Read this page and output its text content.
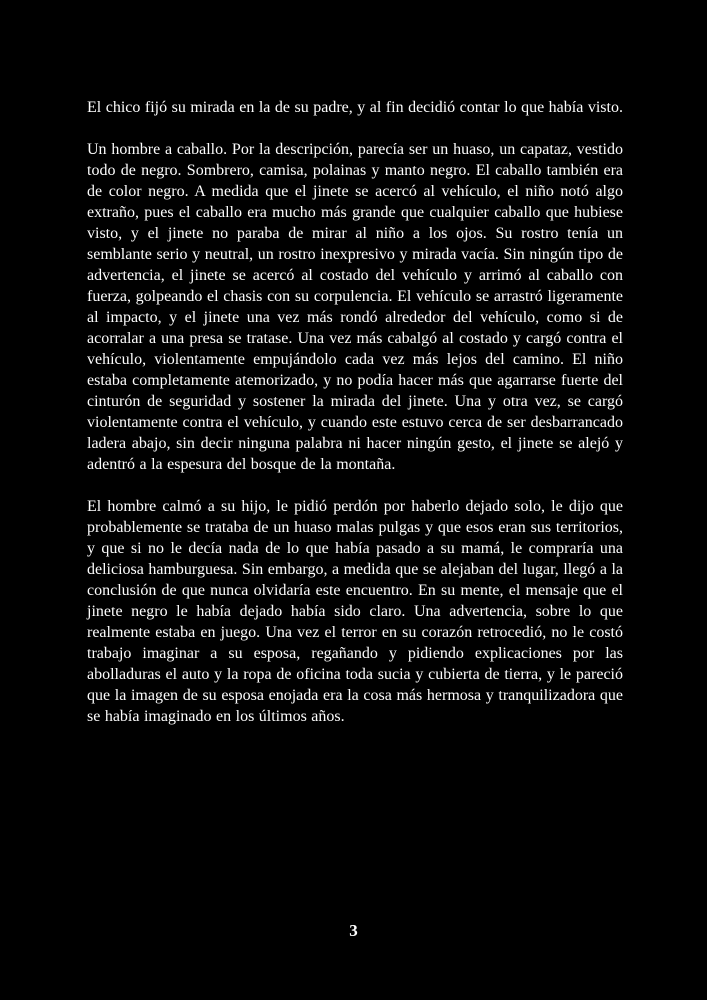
El chico fijó su mirada en la de su padre, y al fin decidió contar lo que había visto.

Un hombre a caballo. Por la descripción, parecía ser un huaso, un capataz, vestido todo de negro. Sombrero, camisa, polainas y manto negro. El caballo también era de color negro. A medida que el jinete se acercó al vehículo, el niño notó algo extraño, pues el caballo era mucho más grande que cualquier caballo que hubiese visto, y el jinete no paraba de mirar al niño a los ojos. Su rostro tenía un semblante serio y neutral, un rostro inexpresivo y mirada vacía. Sin ningún tipo de advertencia, el jinete se acercó al costado del vehículo y arrimó al caballo con fuerza, golpeando el chasis con su corpulencia. El vehículo se arrastró ligeramente al impacto, y el jinete una vez más rondó alrededor del vehículo, como si de acorralar a una presa se tratase. Una vez más cabalgó al costado y cargó contra el vehículo, violentamente empujándolo cada vez más lejos del camino. El niño estaba completamente atemorizado, y no podía hacer más que agarrarse fuerte del cinturón de seguridad y sostener la mirada del jinete. Una y otra vez, se cargó violentamente contra el vehículo, y cuando este estuvo cerca de ser desbarrancado ladera abajo, sin decir ninguna palabra ni hacer ningún gesto, el jinete se alejó y adentró a la espesura del bosque de la montaña.

El hombre calmó a su hijo, le pidió perdón por haberlo dejado solo, le dijo que probablemente se trataba de un huaso malas pulgas y que esos eran sus territorios, y que si no le decía nada de lo que había pasado a su mamá, le compraría una deliciosa hamburguesa. Sin embargo, a medida que se alejaban del lugar, llegó a la conclusión de que nunca olvidaría este encuentro. En su mente, el mensaje que el jinete negro le había dejado había sido claro. Una advertencia, sobre lo que realmente estaba en juego. Una vez el terror en su corazón retrocedió, no le costó trabajo imaginar a su esposa, regañando y pidiendo explicaciones por las abolladuras el auto y la ropa de oficina toda sucia y cubierta de tierra, y le pareció que la imagen de su esposa enojada era la cosa más hermosa y tranquilizadora que se había imaginado en los últimos años.

3
